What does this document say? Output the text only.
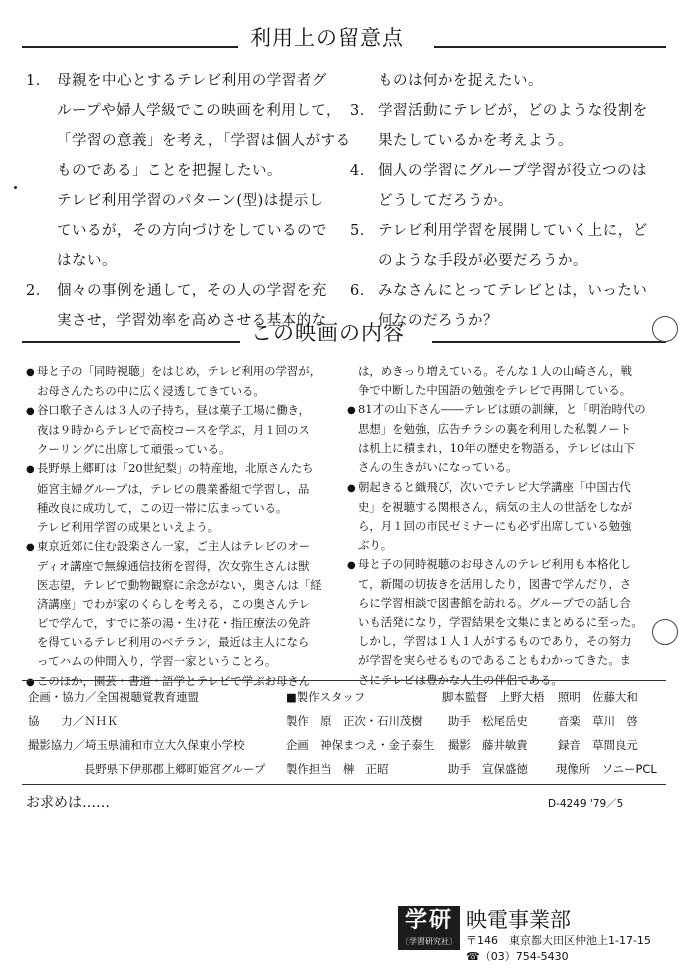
利用上の留意点
1． 母親を中心とするテレビ利用の学習者グ
ループや婦人学級でこの映画を利用して，
「学習の意義」を考え，「学習は個人がする
ものである」ことを把握したい。
テレビ利用学習のパターン(型)は提示し
ているが，その方向づけをしているので
はない。
2． 個々の事例を通して，その人の学習を充
実させ，学習効率を高めさせる基本的な
ものは何かを捉えたい。
3． 学習活動にテレビが，どのような役割を
果たしているかを考えよう。
4． 個人の学習にグループ学習が役立つのは
どうしてだろうか。
5． テレビ利用学習を展開していく上に，ど
のような手段が必要だろうか。
6． みなさんにとってテレビとは，いったい
何なのだろうか？
この映画の内容
● 母と子の「同時視聴」をはじめ，テレビ利用の学習が，
お母さんたちの中に広く浸透してきている。
● 谷口歌子さんは３人の子持ち，昼は菓子工場に働き，
夜は９時からテレビで高校コースを学ぶ，月１回のス
クーリングに出席して頑張っている。
● 長野県上郷町は「20世紀梨」の特産地，北原さんたち
姫宮主婦グループは，テレビの農業番組で学習し，品
種改良に成功して，この辺一帯に広まっている。
テレビ利用学習の成果といえよう。
● 東京近郊に住む設楽さん一家，ご主人はテレビのオー
ディオ講座で無線通信技術を習得，次女弥生さんは獣
医志望，テレビで動物観察に余念がない，奥さんは「経
済講座」でわが家のくらしを考える，この奥さんテレ
ビで学んで，すでに茶の湯・生け花・指圧療法の免許
を得ているテレビ利用のベテラン，最近は主人になら
ってハムの仲間入り，学習一家ということろ。
● このほか，園芸・書道・語学とテレビで学ぶお母さん
は，めきっり増えている。そんな１人の山崎さん，戦
争で中断した中国語の勉強をテレビで再開している。
● 81才の山下さん――テレビは頭の訓練，と「明治時代の
思想」を勉強，広告チラシの裏を利用した私製ノート
は机上に積まれ，10年の歴史を物語る，テレビは山下
さんの生きがいになっている。
● 朝起きると織飛び，次いでテレビ大学講座「中国古代
史」を視聴する関根さん，病気の主人の世話をしなが
ら，月１回の市民ゼミナーにも必ず出席している勉強
ぶり。
● 母と子の同時視聴のお母さんのテレビ利用も本格化し
て，新聞の切抜きを活用したり，図書で学んだり，さ
らに学習相談で図書館を訪れる。グループでの話し合
いも活発になり，学習結果を文集にまとめるに至った。
しかし，学習は１人１人がするものであり，その努力
が学習を実らせるものであることもわかってきた。ま
さにテレビは豊かな人生の伴侶である。
企画・協力／全国視聴覚教育連盟
協 力／ＮＨＫ
撮影協力／埼玉県浦和市立大久保東小学校
長野県下伊那郡上郷町姫宮グループ
■製作スタッフ
製作　原　正次・石川茂樹
企画　神保まつえ・金子泰生
製作担当　榊　正昭
脚本監督　上野大梧
助手　松尾岳史
撮影　藤井敏貴
助手　宣保盛徳
照明　佐藤大和
音楽　草川　啓
録音　草間良元
現像所　ソニーPCL
お求めは……	D-4249 '79／5
学研
〔学習研究社〕
映電事業部
〒146　東京都大田区仲池上1-17-15
☎（03）754-5430
